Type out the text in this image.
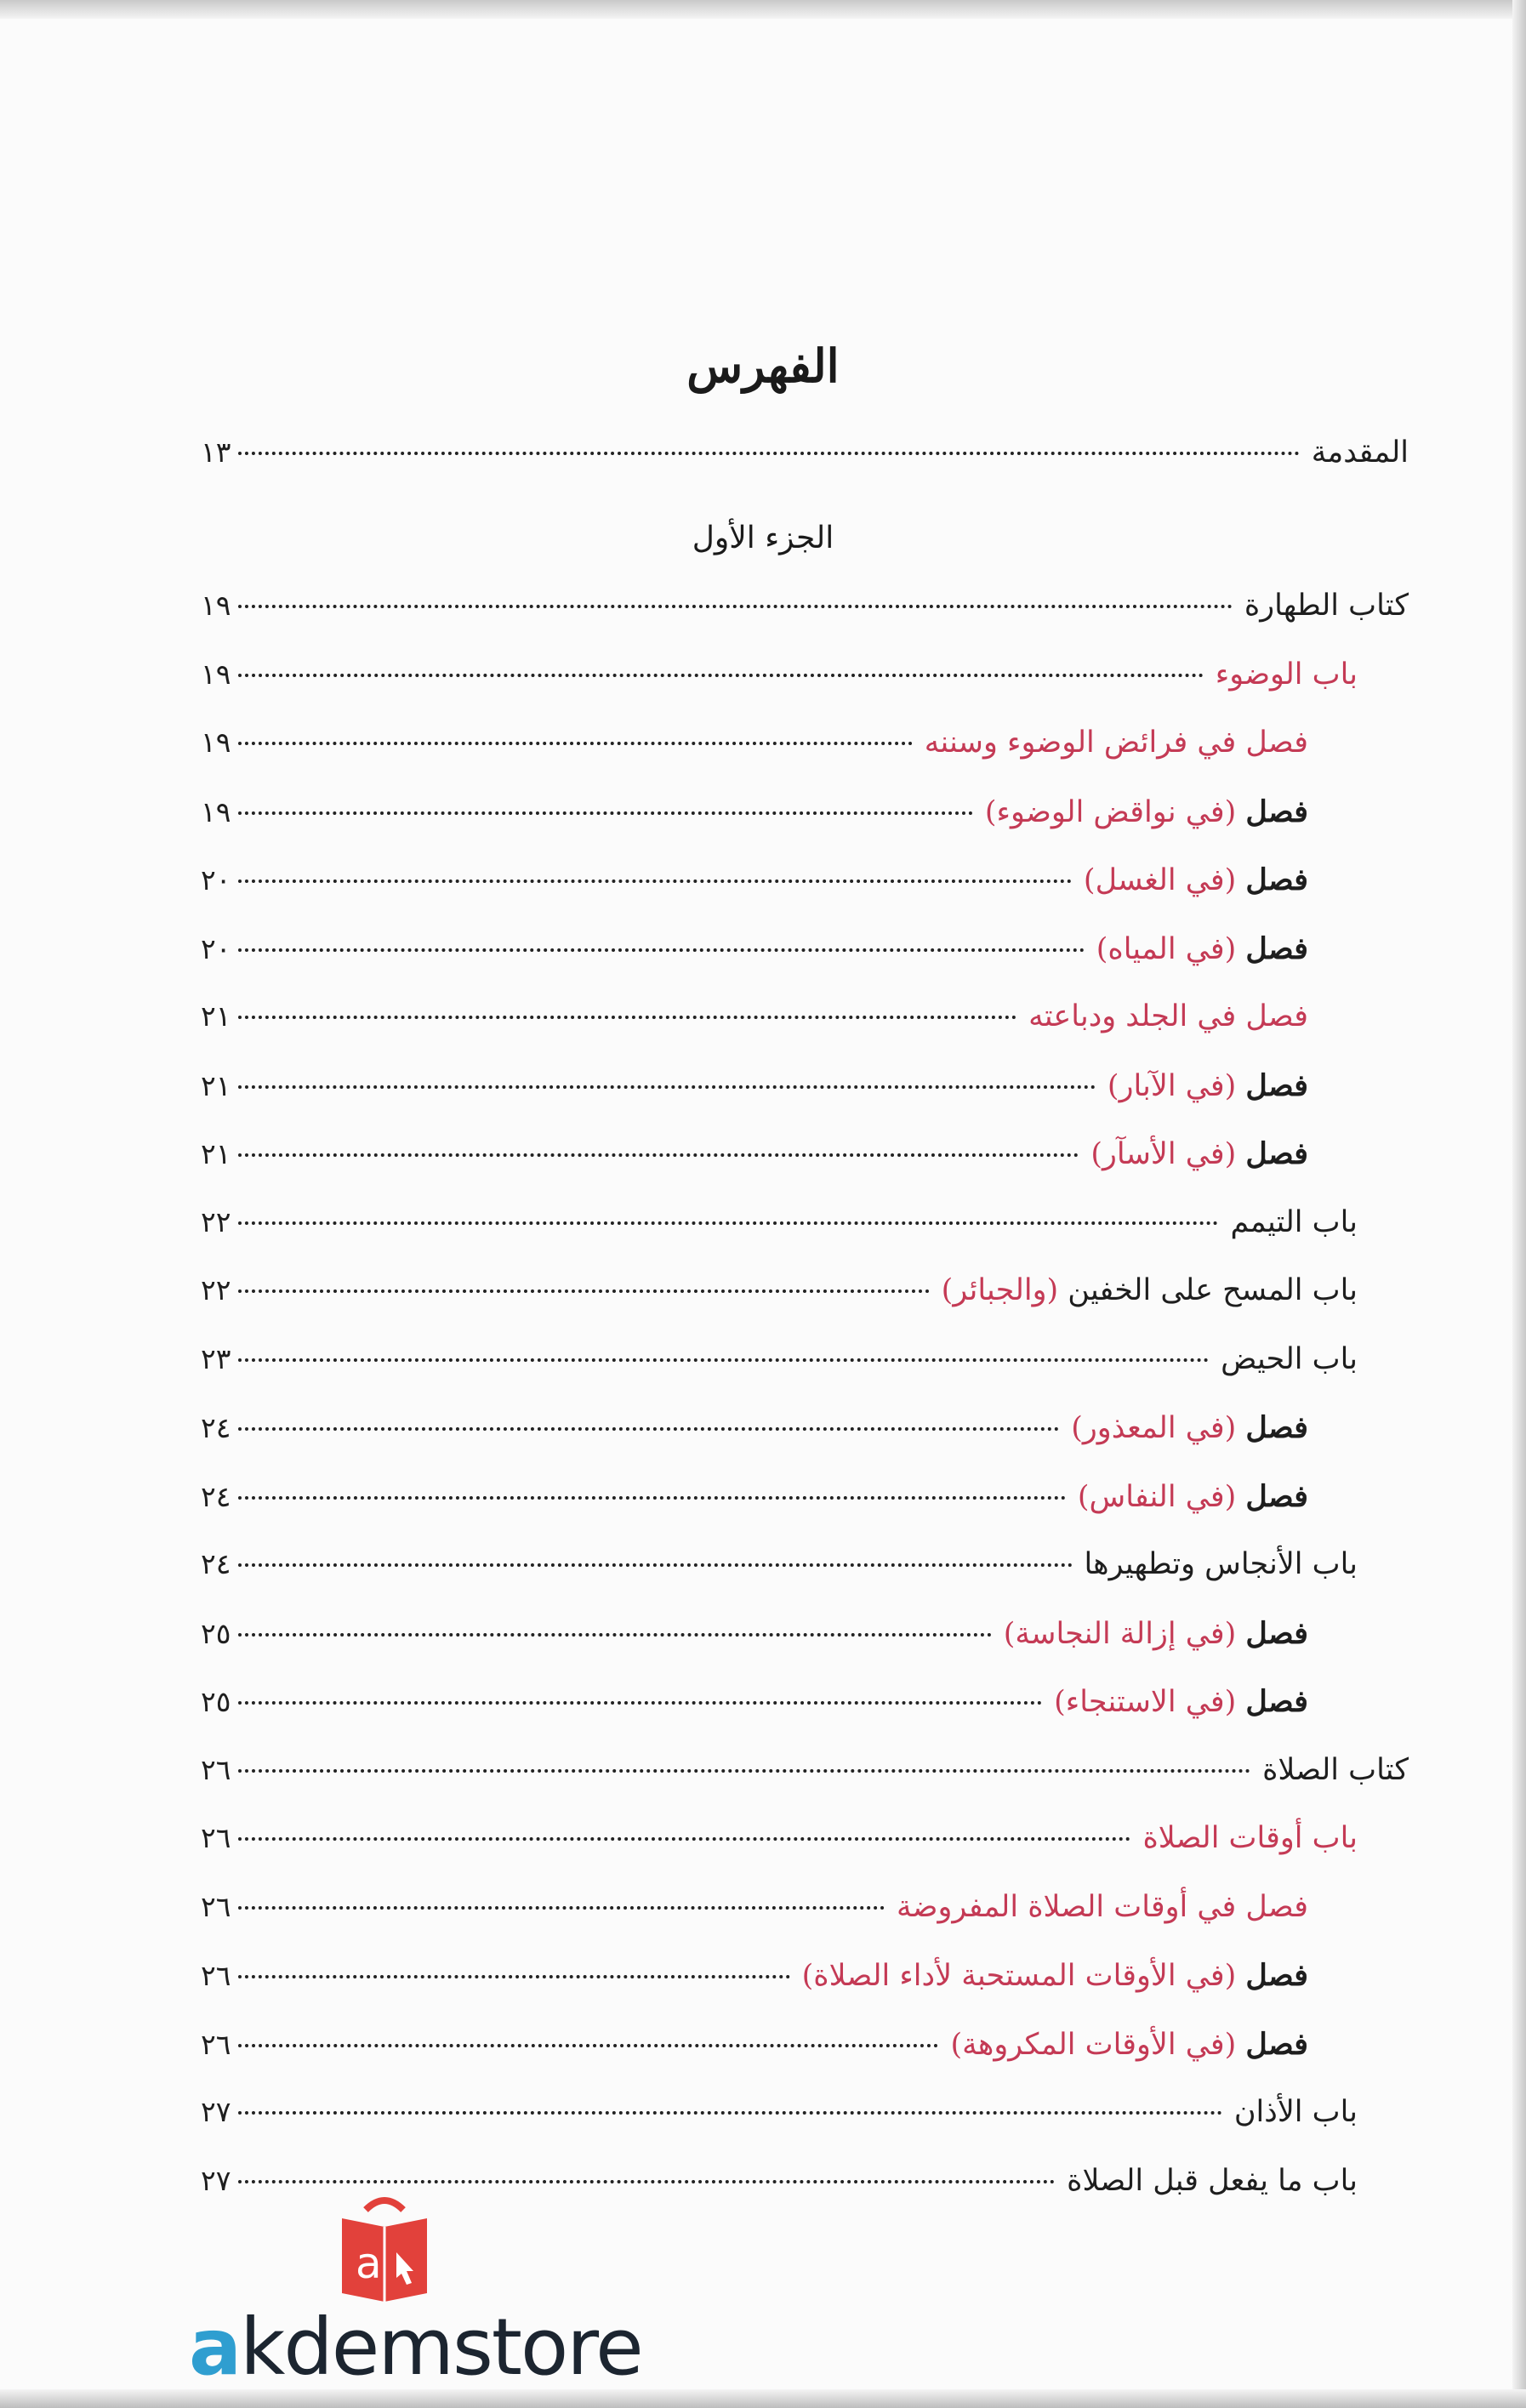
الفهرس
المقدمة
١٣
الجزء الأول
كتاب الطهارة
١٩
باب الوضوء
١٩
فصل في فرائض الوضوء وسننه
١٩
فصل (في نواقض الوضوء)
١٩
فصل (في الغسل)
٢٠
فصل (في المياه)
٢٠
فصل في الجلد ودباعته
٢١
فصل (في الآبار)
٢١
فصل (في الأسآر)
٢١
باب التيمم
٢٢
باب المسح على الخفين (والجبائر)
٢٢
باب الحيض
٢٣
فصل (في المعذور)
٢٤
فصل (في النفاس)
٢٤
باب الأنجاس وتطهيرها
٢٤
فصل (في إزالة النجاسة)
٢٥
فصل (في الاستنجاء)
٢٥
كتاب الصلاة
٢٦
باب أوقات الصلاة
٢٦
فصل في أوقات الصلاة المفروضة
٢٦
فصل (في الأوقات المستحبة لأداء الصلاة)
٢٦
فصل (في الأوقات المكروهة)
٢٦
باب الأذان
٢٧
باب ما يفعل قبل الصلاة
٢٧
a
akdemstore
